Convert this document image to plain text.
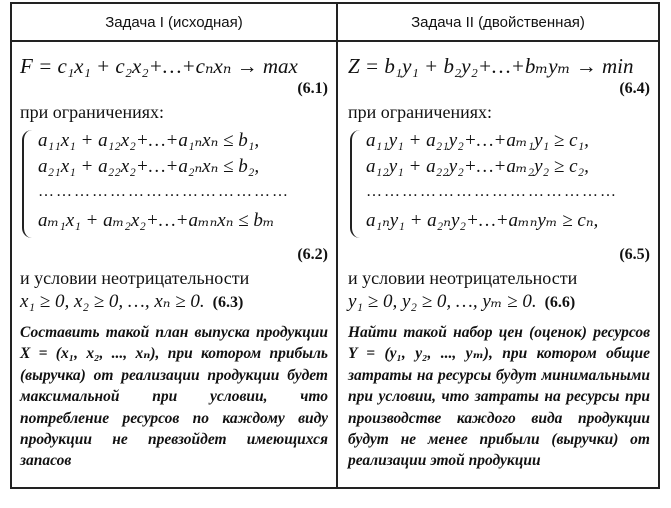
Задача I (исходная)	Задача II (двойственная)
F = c₁x₁ + c₂x₂+…+cₙxₙ → max
(6.1)
при ограничениях:
a₁₁x₁ + a₁₂x₂+…+a₁ₙxₙ ≤ b₁,
a₂₁x₁ + a₂₂x₂+…+a₂ₙxₙ ≤ b₂,
……………………………………
aₘ₁x₁ + aₘ₂x₂+…+aₘₙxₙ ≤ bₘ
(6.2)
и условии неотрицательности
x₁ ≥ 0, x₂ ≥ 0, …, xₙ ≥ 0. (6.3)
Составить такой план выпуска продукции X = (x₁, x₂, ..., xₙ), при котором прибыль (выручка) от реализации продукции будет максимальной при условии, что потребление ресурсов по каждому виду продукции не превзойдет имеющихся запасов
Z = b₁y₁ + b₂y₂+…+bₘyₘ → min
(6.4)
при ограничениях:
a₁₁y₁ + a₂₁y₂+…+aₘ₁y₁ ≥ c₁,
a₁₂y₁ + a₂₂y₂+…+aₘ₂y₂ ≥ c₂,
……………………………………
a₁ₙy₁ + a₂ₙy₂+…+aₘₙyₘ ≥ cₙ,
(6.5)
и условии неотрицательности
y₁ ≥ 0, y₂ ≥ 0, …, yₘ ≥ 0. (6.6)
Найти такой набор цен (оценок) ресурсов Y = (y₁, y₂, ..., yₘ), при котором общие затраты на ресурсы будут минимальными при условии, что затраты на ресурсы при производстве каждого вида продукции будут не менее прибыли (выручки) от реализации этой продукции
